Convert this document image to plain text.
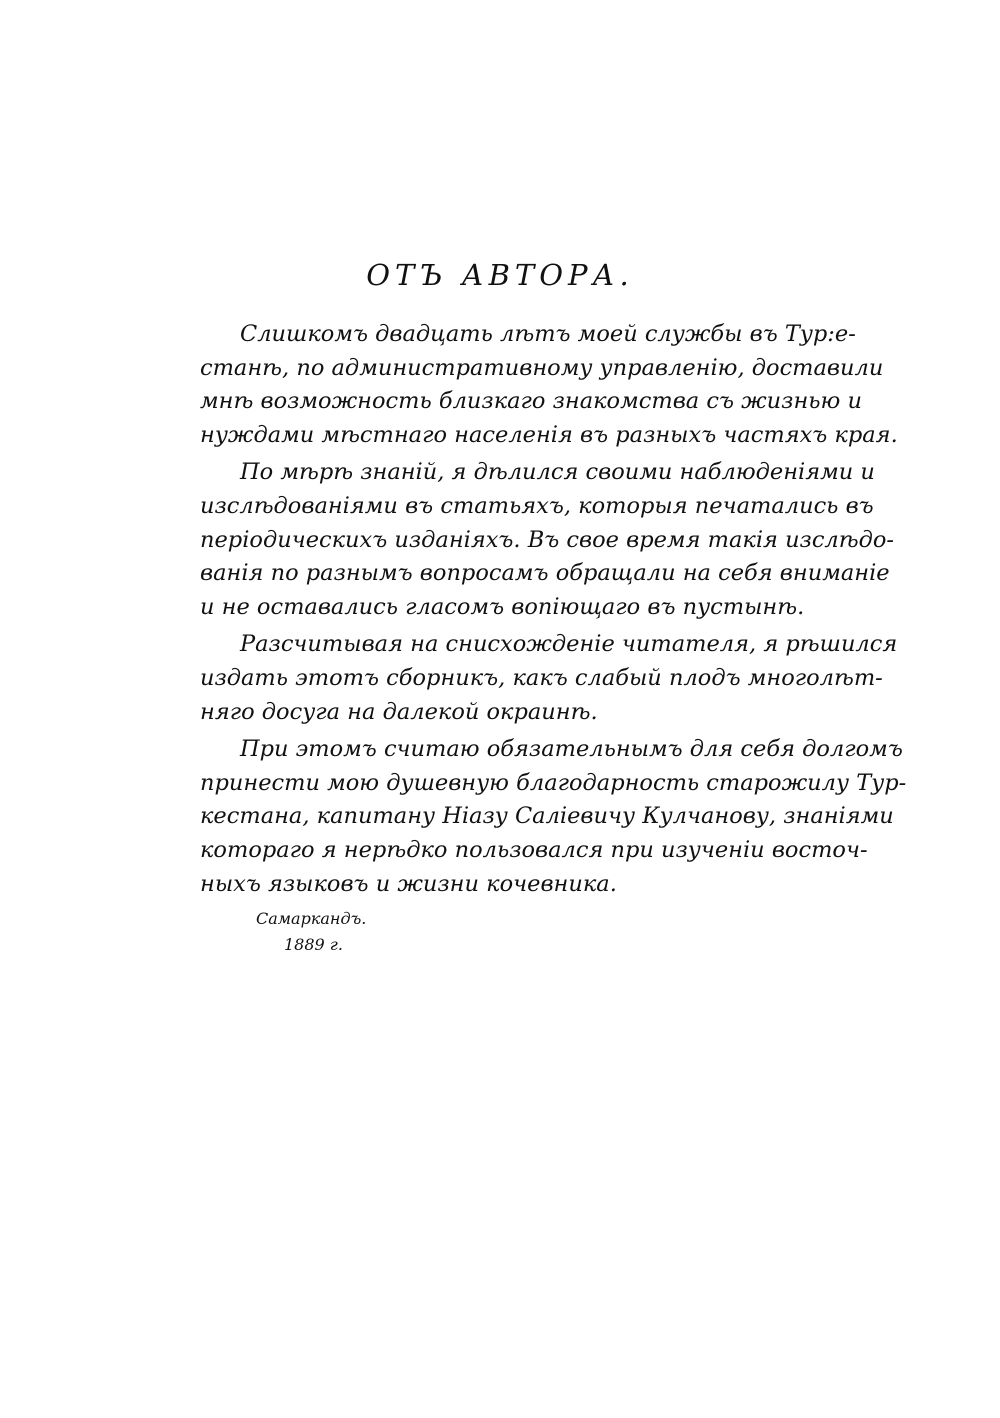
ОТЪ АВТОРА.
Слишкомъ двадцать лѣтъ моей службы въ Тур:е-
станѣ, по административному управленію, доставили
мнѣ возможность близкаго знакомства съ жизнью и
нуждами мѣстнаго населенія въ разныхъ частяхъ края.
По мѣрѣ знаній, я дѣлился своими наблюденіями и
изслѣдованіями въ статьяхъ, которыя печатались въ
періодическихъ изданіяхъ. Въ свое время такія изслѣдо-
ванія по разнымъ вопросамъ обращали на себя вниманіе
и не оставались гласомъ вопіющаго въ пустынѣ.
Разсчитывая на снисхожденіе читателя, я рѣшился
издать этотъ сборникъ, какъ слабый плодъ многолѣт-
няго досуга на далекой окраинѣ.
При этомъ считаю обязательнымъ для себя долгомъ
принести мою душевную благодарность старожилу Тур-
кестана, капитану Ніазу Саліевичу Кулчанову, знаніями
котораго я нерѣдко пользовался при изученіи восточ-
ныхъ языковъ и жизни кочевника.
Самаркандъ.
1889 г.
